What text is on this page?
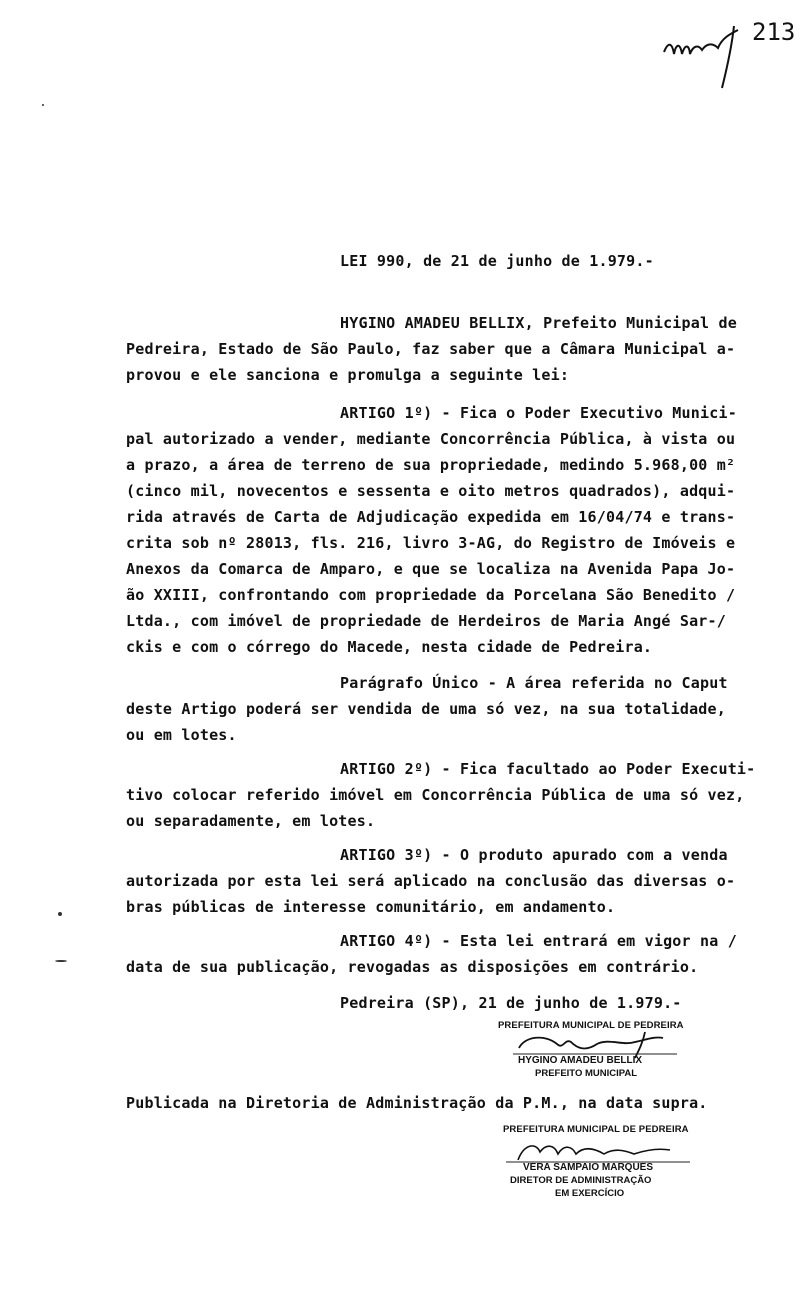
213
LEI 990, de 21 de junho de 1.979.-
HYGINO AMADEU BELLIX, Prefeito Municipal de
Pedreira, Estado de São Paulo, faz saber que a Câmara Municipal a-
provou e ele sanciona e promulga a seguinte lei:
ARTIGO 1º) - Fica o Poder Executivo Munici-
pal autorizado a vender, mediante Concorrência Pública, à vista ou
a prazo, a área de terreno de sua propriedade, medindo 5.968,00 m²
(cinco mil, novecentos e sessenta e oito metros quadrados), adqui-
rida através de Carta de Adjudicação expedida em 16/04/74 e trans-
crita sob nº 28013, fls. 216, livro 3-AG, do Registro de Imóveis e
Anexos da Comarca de Amparo, e que se localiza na Avenida Papa Jo-
ão XXIII, confrontando com propriedade da Porcelana São Benedito /
Ltda., com imóvel de propriedade de Herdeiros de Maria Angé Sar-/
ckis e com o córrego do Macede, nesta cidade de Pedreira.
Parágrafo Único - A área referida no Caput
deste Artigo poderá ser vendida de uma só vez, na sua totalidade,
ou em lotes.
ARTIGO 2º) - Fica facultado ao Poder Executi-
tivo colocar referido imóvel em Concorrência Pública de uma só vez,
ou separadamente, em lotes.
ARTIGO 3º) - O produto apurado com a venda
autorizada por esta lei será aplicado na conclusão das diversas o-
bras públicas de interesse comunitário, em andamento.
ARTIGO 4º) - Esta lei entrará em vigor na /
data de sua publicação, revogadas as disposições em contrário.
Pedreira (SP), 21 de junho de 1.979.-
PREFEITURA MUNICIPAL DE PEDREIRA
HYGINO AMADEU BELLIX
PREFEITO MUNICIPAL
Publicada na Diretoria de Administração da P.M., na data supra.
PREFEITURA MUNICIPAL DE PEDREIRA
VERA SAMPAIO MARQUES
DIRETOR DE ADMINISTRAÇÃO
EM EXERCÍCIO
